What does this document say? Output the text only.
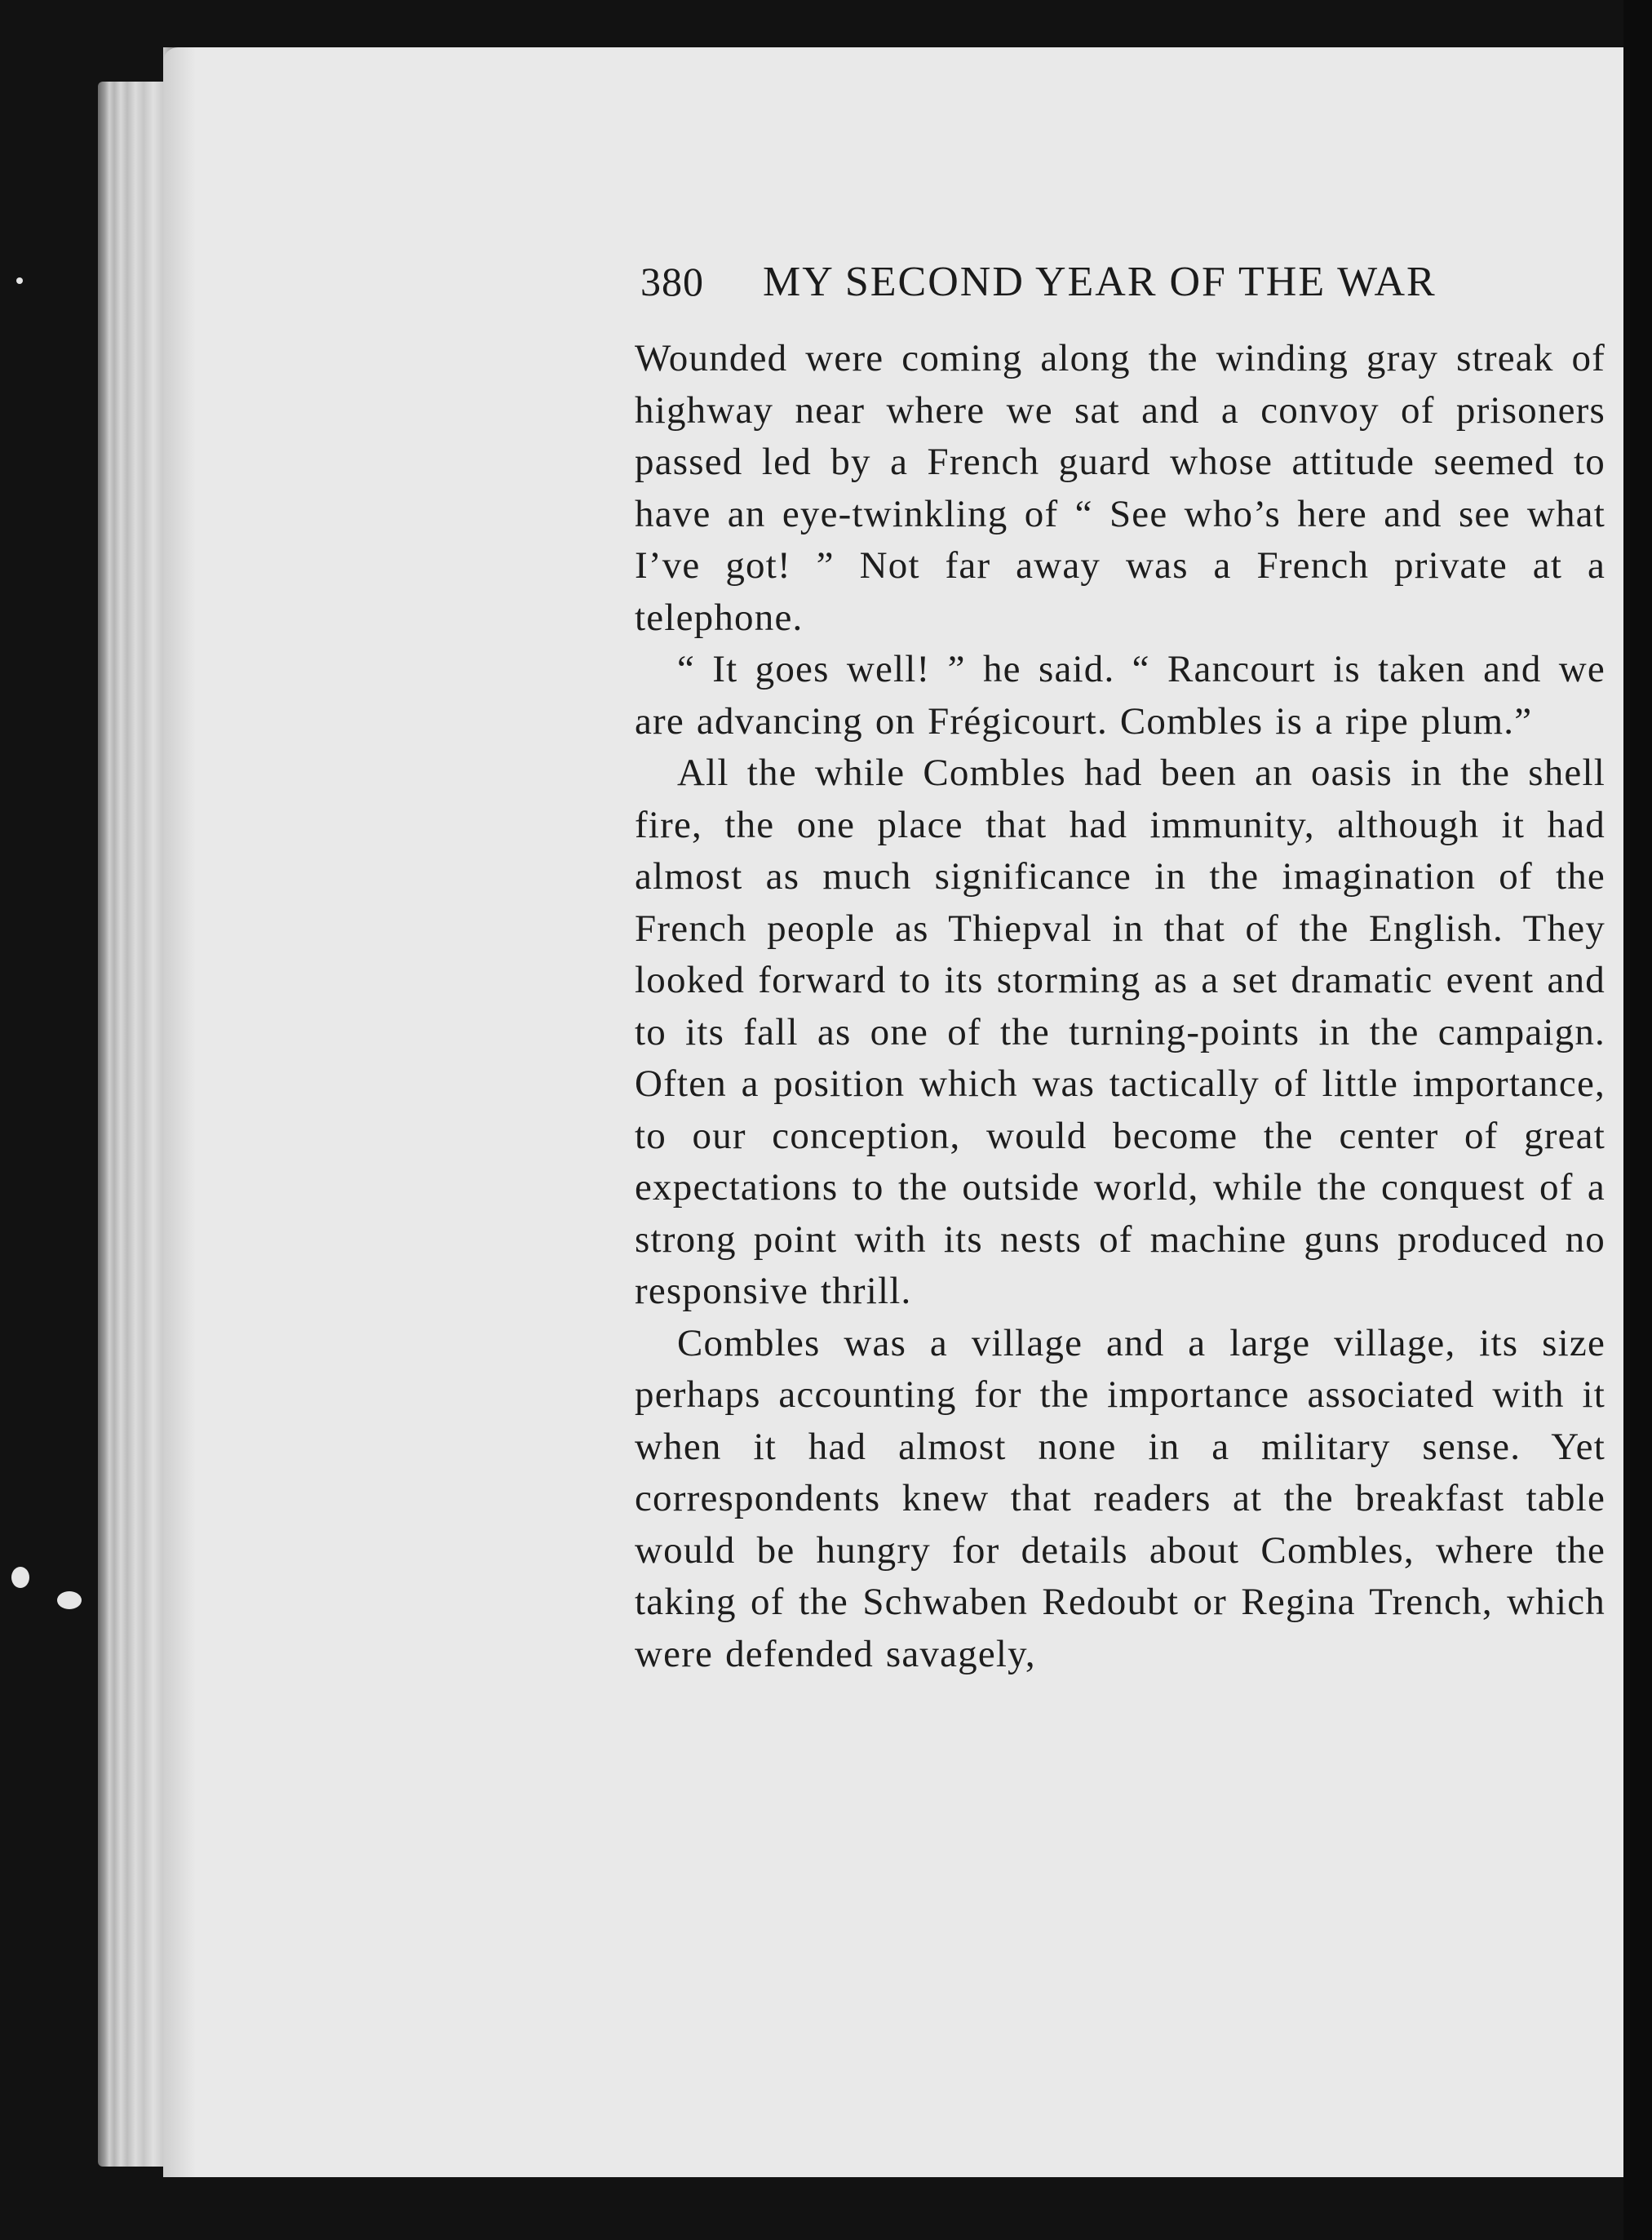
380 MY SECOND YEAR OF THE WAR

Wounded were coming along the winding gray streak of highway near where we sat and a convoy of prisoners passed led by a French guard whose attitude seemed to have an eye-twinkling of “ See who’s here and see what I’ve got! ” Not far away was a French private at a telephone.

“ It goes well! ” he said. “ Rancourt is taken and we are advancing on Frégicourt. Combles is a ripe plum.”

All the while Combles had been an oasis in the shell fire, the one place that had immunity, although it had almost as much significance in the imagination of the French people as Thiepval in that of the English. They looked forward to its storming as a set dramatic event and to its fall as one of the turning-points in the campaign. Often a position which was tactically of little importance, to our conception, would become the center of great expectations to the outside world, while the conquest of a strong point with its nests of machine guns produced no responsive thrill.

Combles was a village and a large village, its size perhaps accounting for the importance associated with it when it had almost none in a military sense. Yet correspondents knew that readers at the breakfast table would be hungry for details about Combles, where the taking of the Schwaben Redoubt or Regina Trench, which were defended savagely,
